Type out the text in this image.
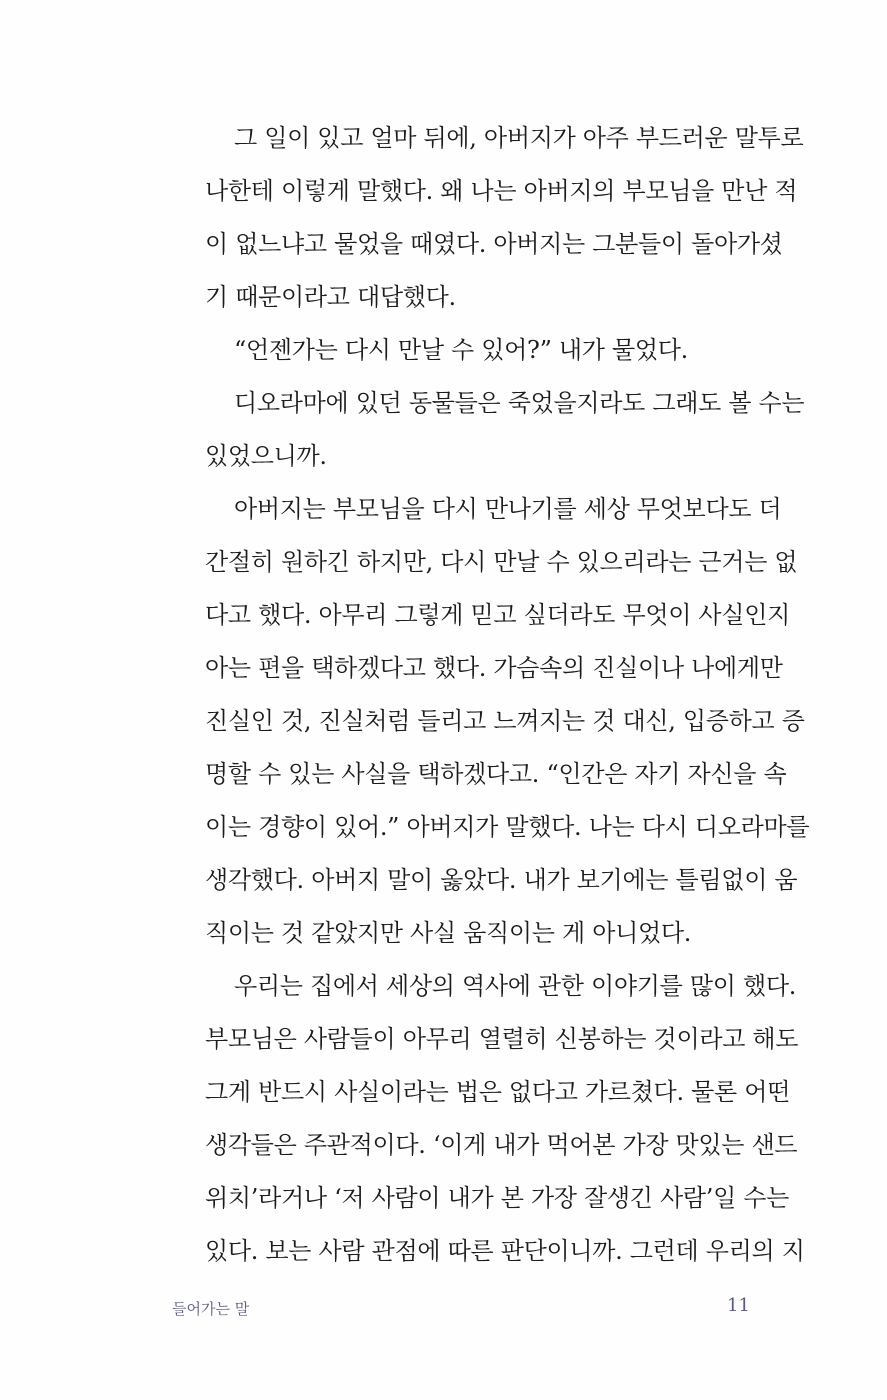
그 일이 있고 얼마 뒤에, 아버지가 아주 부드러운 말투로
나한테 이렇게 말했다. 왜 나는 아버지의 부모님을 만난 적
이 없느냐고 물었을 때였다. 아버지는 그분들이 돌아가셨
기 때문이라고 대답했다.
“언젠가는 다시 만날 수 있어?” 내가 물었다.
디오라마에 있던 동물들은 죽었을지라도 그래도 볼 수는
있었으니까.
아버지는 부모님을 다시 만나기를 세상 무엇보다도 더
간절히 원하긴 하지만, 다시 만날 수 있으리라는 근거는 없
다고 했다. 아무리 그렇게 믿고 싶더라도 무엇이 사실인지
아는 편을 택하겠다고 했다. 가슴속의 진실이나 나에게만
진실인 것, 진실처럼 들리고 느껴지는 것 대신, 입증하고 증
명할 수 있는 사실을 택하겠다고. “인간은 자기 자신을 속
이는 경향이 있어.” 아버지가 말했다. 나는 다시 디오라마를
생각했다. 아버지 말이 옳았다. 내가 보기에는 틀림없이 움
직이는 것 같았지만 사실 움직이는 게 아니었다.
우리는 집에서 세상의 역사에 관한 이야기를 많이 했다.
부모님은 사람들이 아무리 열렬히 신봉하는 것이라고 해도
그게 반드시 사실이라는 법은 없다고 가르쳤다. 물론 어떤
생각들은 주관적이다. ‘이게 내가 먹어본 가장 맛있는 샌드
위치’라거나 ‘저 사람이 내가 본 가장 잘생긴 사람’일 수는
있다. 보는 사람 관점에 따른 판단이니까. 그런데 우리의 지
들어가는 말	11
